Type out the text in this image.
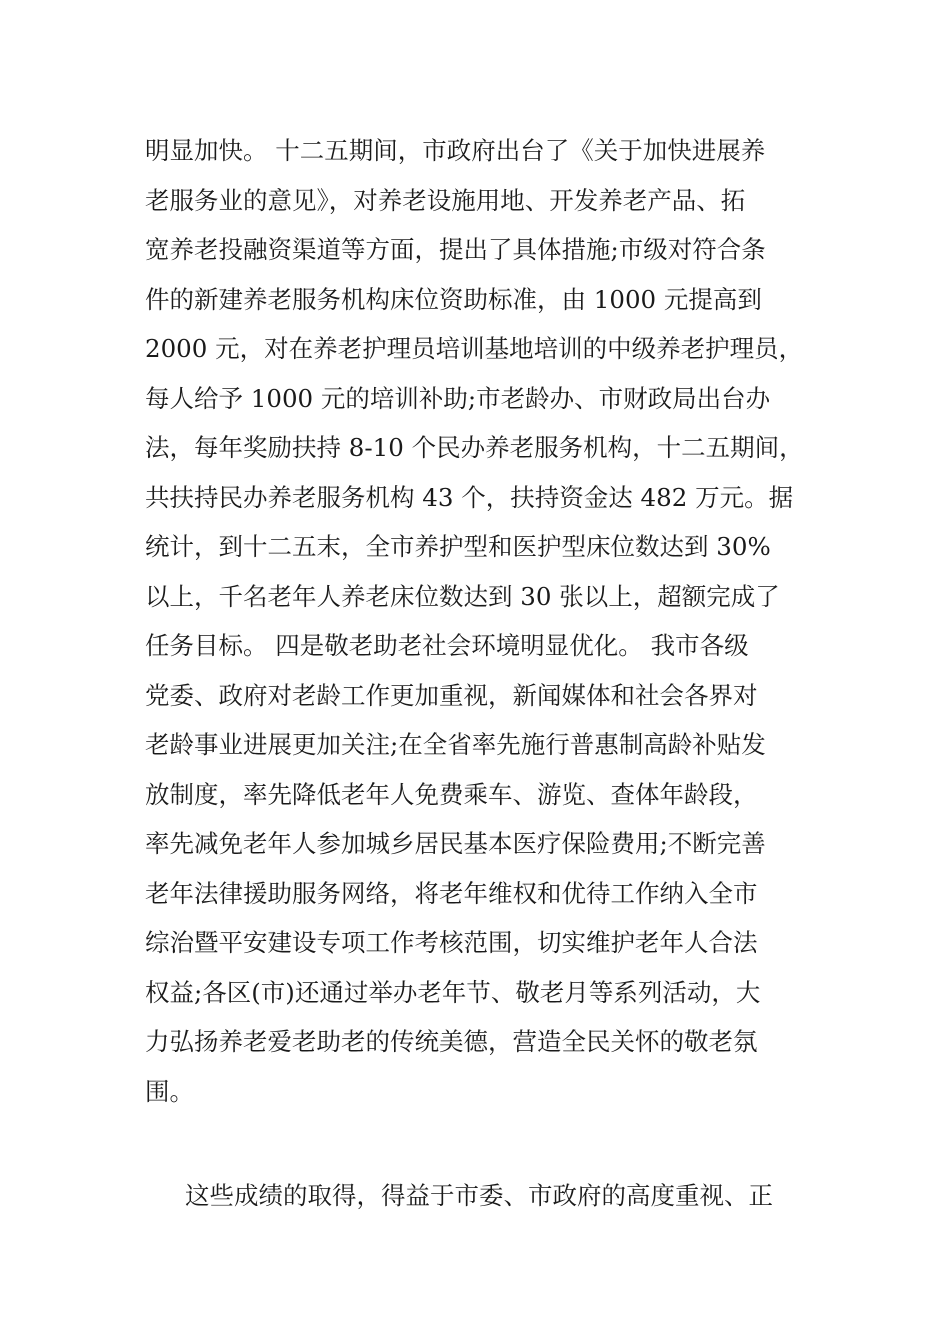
明显加快。 十二五期间，市政府出台了《关于加快进展养
老服务业的意见》，对养老设施用地、开发养老产品、拓
宽养老投融资渠道等方面，提出了具体措施;市级对符合条
件的新建养老服务机构床位资助标准，由 1000 元提高到
2000 元，对在养老护理员培训基地培训的中级养老护理员，
每人给予 1000 元的培训补助;市老龄办、市财政局出台办
法，每年奖励扶持 8-10 个民办养老服务机构，十二五期间，
共扶持民办养老服务机构 43 个，扶持资金达 482 万元。据
统计，到十二五末，全市养护型和医护型床位数达到 30%
以上，千名老年人养老床位数达到 30 张以上，超额完成了
任务目标。 四是敬老助老社会环境明显优化。 我市各级
党委、政府对老龄工作更加重视，新闻媒体和社会各界对
老龄事业进展更加关注;在全省率先施行普惠制高龄补贴发
放制度，率先降低老年人免费乘车、游览、查体年龄段，
率先减免老年人参加城乡居民基本医疗保险费用;不断完善
老年法律援助服务网络，将老年维权和优待工作纳入全市
综治暨平安建设专项工作考核范围，切实维护老年人合法
权益;各区(市)还通过举办老年节、敬老月等系列活动，大
力弘扬养老爱老助老的传统美德，营造全民关怀的敬老氛
围。
这些成绩的取得，得益于市委、市政府的高度重视、正
